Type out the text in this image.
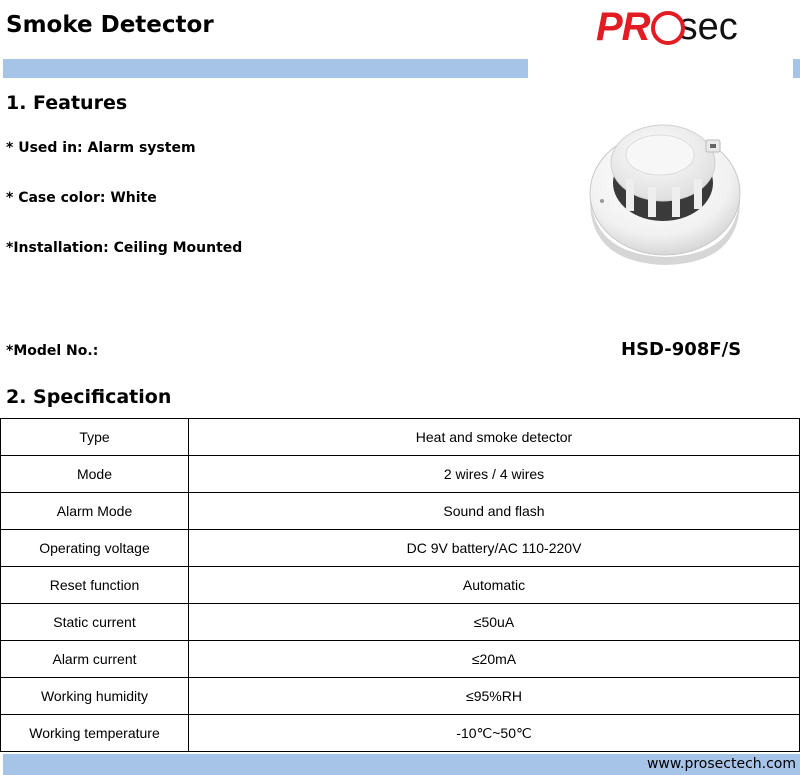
Smoke Detector	PR sec
1. Features
* Used in: Alarm system
* Case color: White
*Installation: Ceiling Mounted
*Model No.:	HSD-908F/S
2. Specification
Type	Heat and smoke detector
Mode	2 wires / 4 wires
Alarm Mode	Sound and flash
Operating voltage	DC 9V battery/AC 110-220V
Reset function	Automatic
Static current	≤50uA
Alarm current	≤20mA
Working humidity	≤95%RH
Working temperature	-10℃~50℃
www.prosectech.com
